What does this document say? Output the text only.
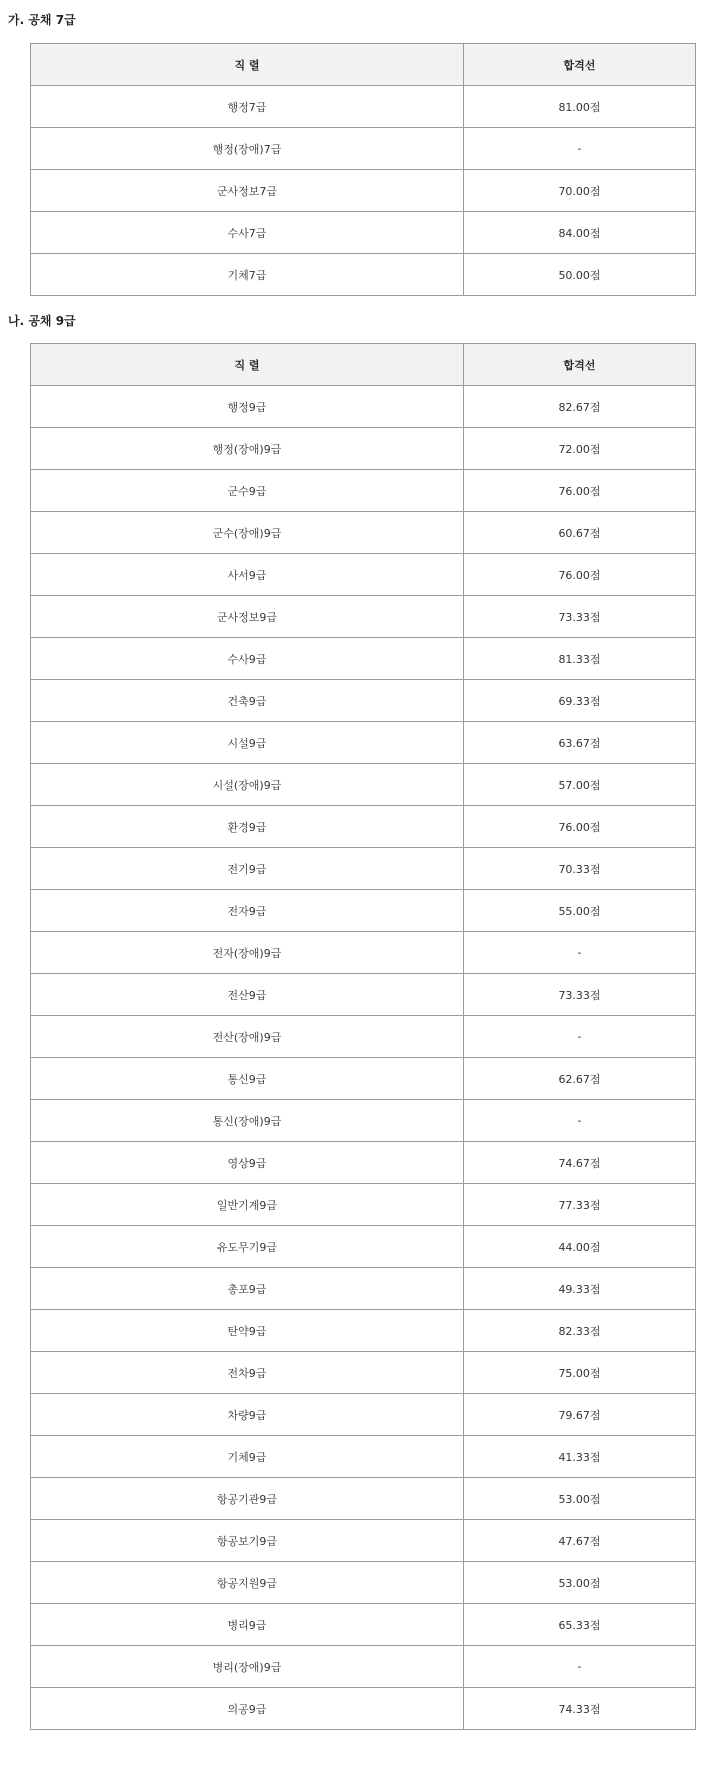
가. 공채 7급
직 렬	합격선
행정7급	81.00점
행정(장애)7급	-
군사정보7급	70.00점
수사7급	84.00점
기체7급	50.00점
나. 공채 9급
직 렬	합격선
행정9급	82.67점
행정(장애)9급	72.00점
군수9급	76.00점
군수(장애)9급	60.67점
사서9급	76.00점
군사정보9급	73.33점
수사9급	81.33점
건축9급	69.33점
시설9급	63.67점
시설(장애)9급	57.00점
환경9급	76.00점
전기9급	70.33점
전자9급	55.00점
전자(장애)9급	-
전산9급	73.33점
전산(장애)9급	-
통신9급	62.67점
통신(장애)9급	-
영상9급	74.67점
일반기계9급	77.33점
유도무기9급	44.00점
총포9급	49.33점
탄약9급	82.33점
전차9급	75.00점
차량9급	79.67점
기체9급	41.33점
항공기관9급	53.00점
항공보기9급	47.67점
항공지원9급	53.00점
병리9급	65.33점
병리(장애)9급	-
의공9급	74.33점
